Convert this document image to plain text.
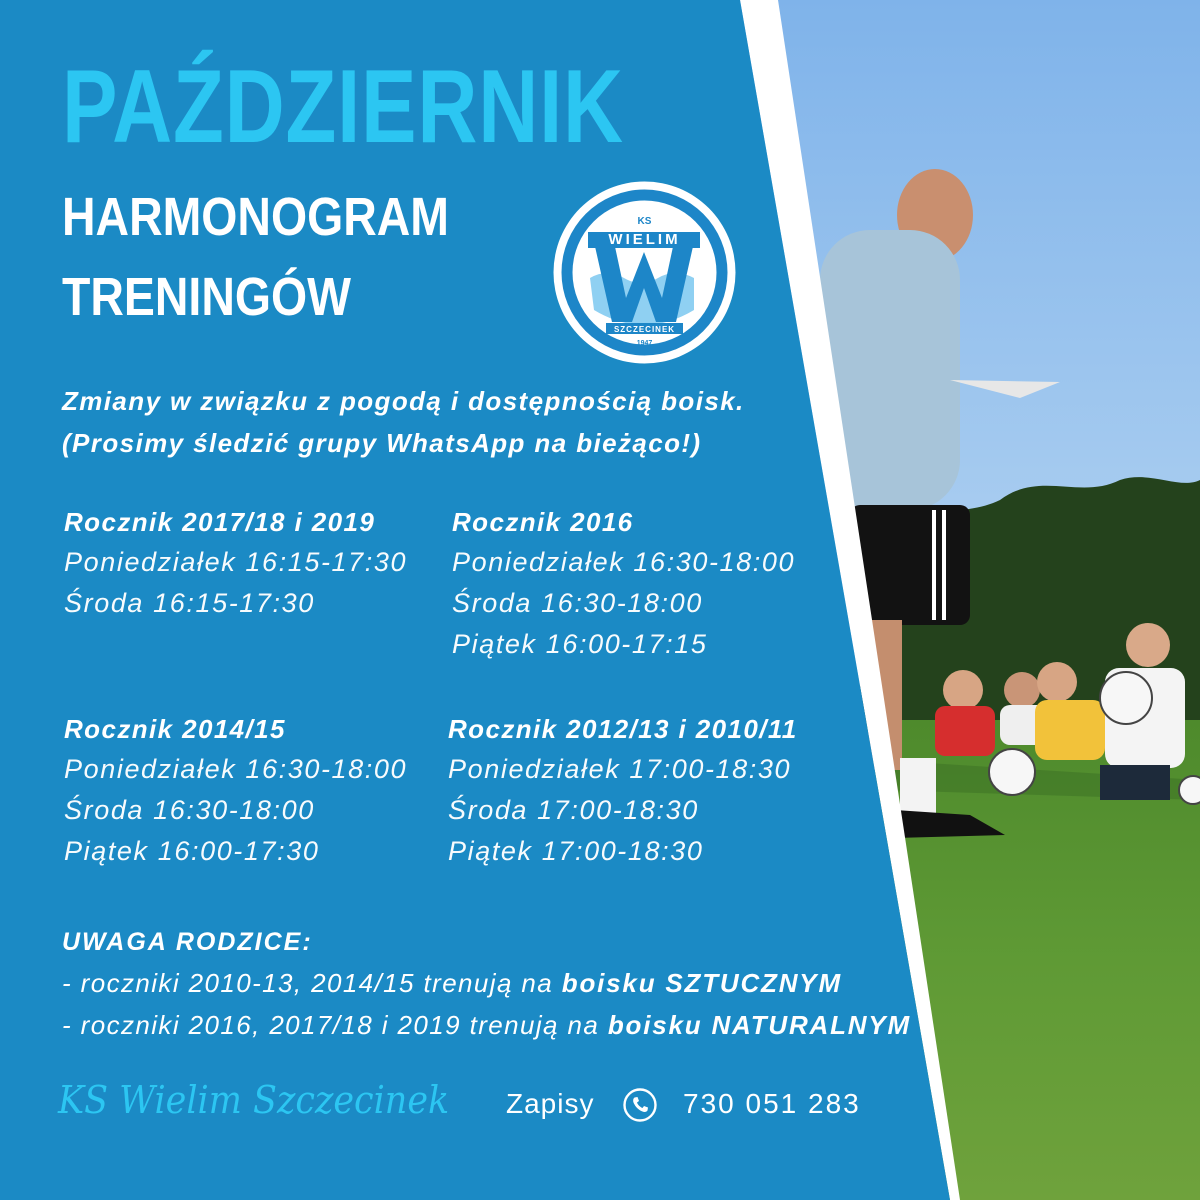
PAŹDZIERNIK
HARMONOGRAM
TRENINGÓW
WIELIM
KS
SZCZECINEK
1947
Zmiany w związku z pogodą i dostępnością boisk.
(Prosimy śledzić grupy WhatsApp na bieżąco!)
Rocznik 2017/18 i 2019
Poniedziałek 16:15-17:30
Środa 16:15-17:30
Rocznik 2016
Poniedziałek 16:30-18:00
Środa 16:30-18:00
Piątek 16:00-17:15
Rocznik 2014/15
Poniedziałek 16:30-18:00
Środa 16:30-18:00
Piątek 16:00-17:30
Rocznik 2012/13 i 2010/11
Poniedziałek 17:00-18:30
Środa 17:00-18:30
Piątek 17:00-18:30
UWAGA RODZICE:
- roczniki 2010-13, 2014/15 trenują na boisku SZTUCZNYM
- roczniki 2016, 2017/18 i 2019 trenują na boisku NATURALNYM
KS Wielim Szczecinek Zapisy	730 051 283
